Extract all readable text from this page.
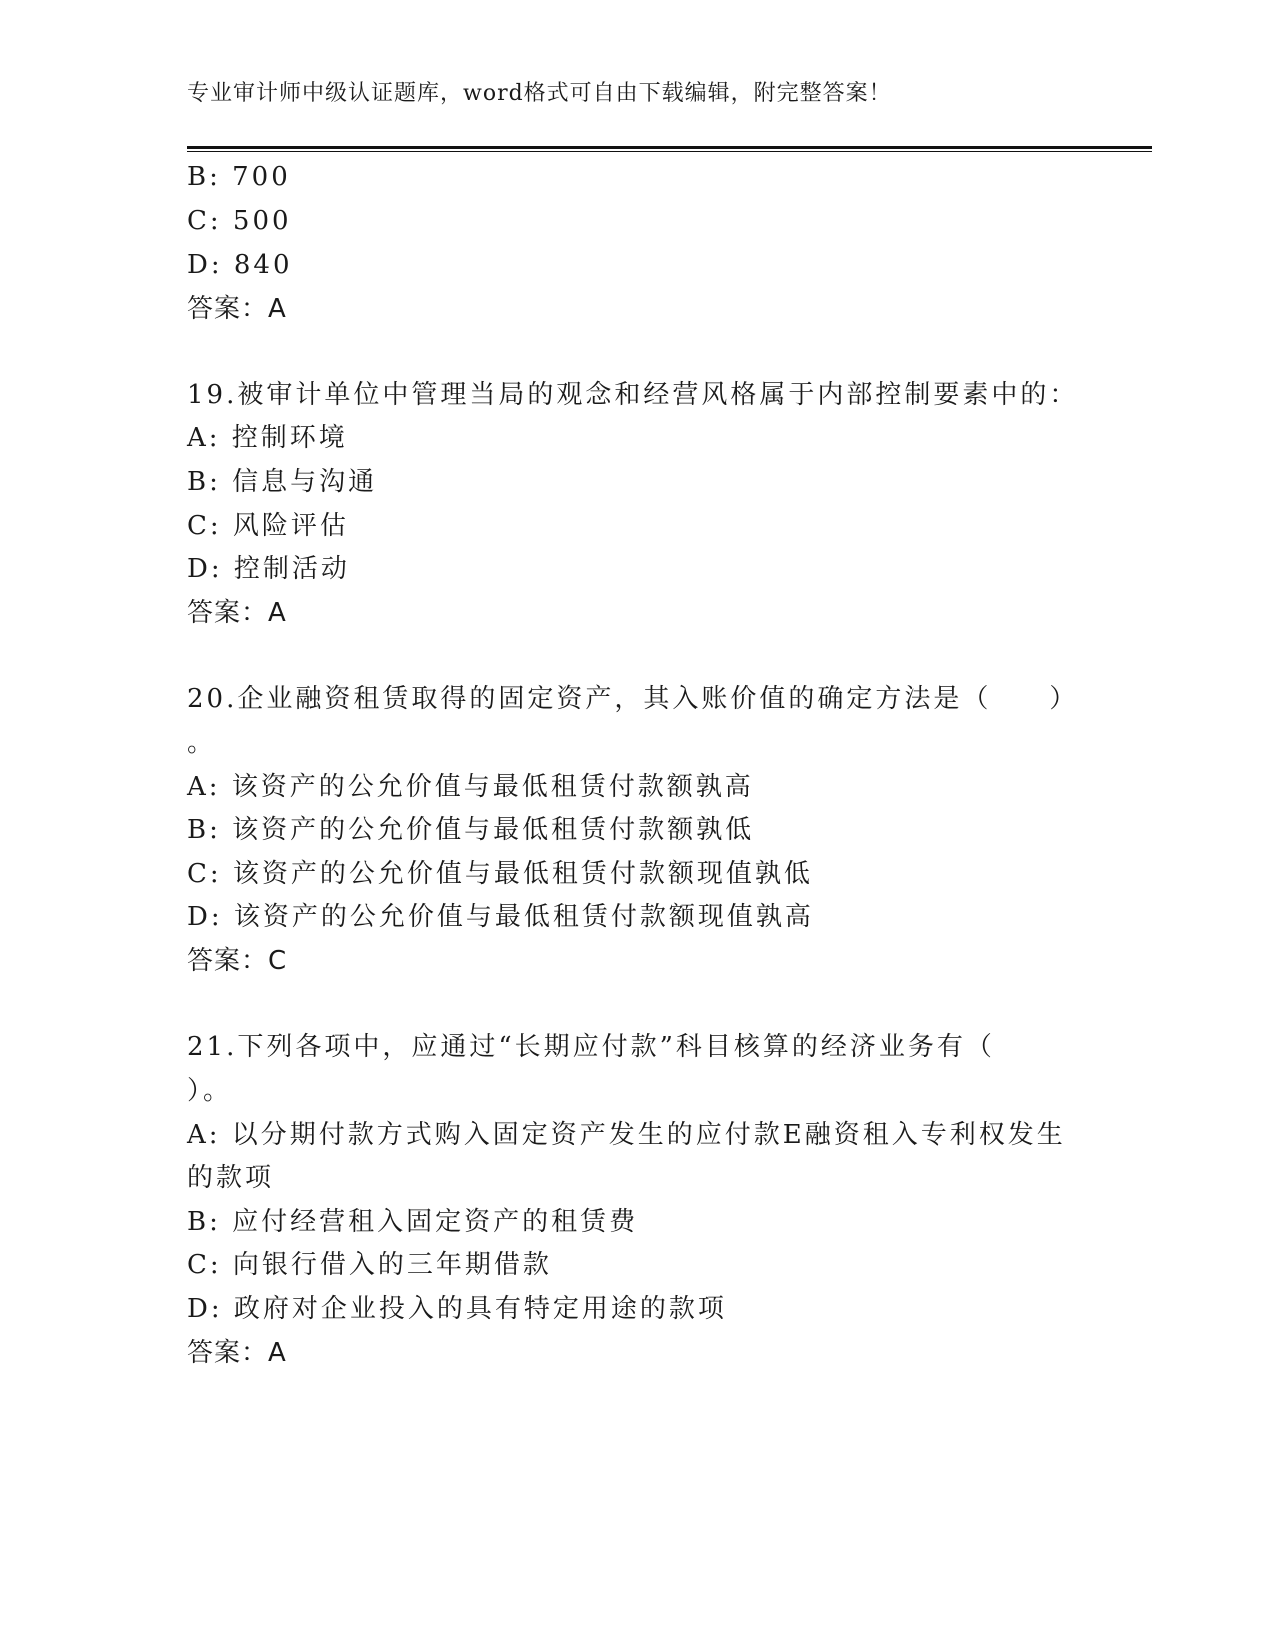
专业审计师中级认证题库，word格式可自由下载编辑，附完整答案！
B: 700
C: 500
D: 840
答案：A
19.被审计单位中管理当局的观念和经营风格属于内部控制要素中的：
A: 控制环境
B: 信息与沟通
C: 风险评估
D: 控制活动
答案：A
20.企业融资租赁取得的固定资产，其入账价值的确定方法是（　　）
。
A: 该资产的公允价值与最低租赁付款额孰高
B: 该资产的公允价值与最低租赁付款额孰低
C: 该资产的公允价值与最低租赁付款额现值孰低
D: 该资产的公允价值与最低租赁付款额现值孰高
答案：C
21.下列各项中，应通过“长期应付款”科目核算的经济业务有（
）。
A: 以分期付款方式购入固定资产发生的应付款E融资租入专利权发生
的款项
B: 应付经营租入固定资产的租赁费
C: 向银行借入的三年期借款
D: 政府对企业投入的具有特定用途的款项
答案：A
